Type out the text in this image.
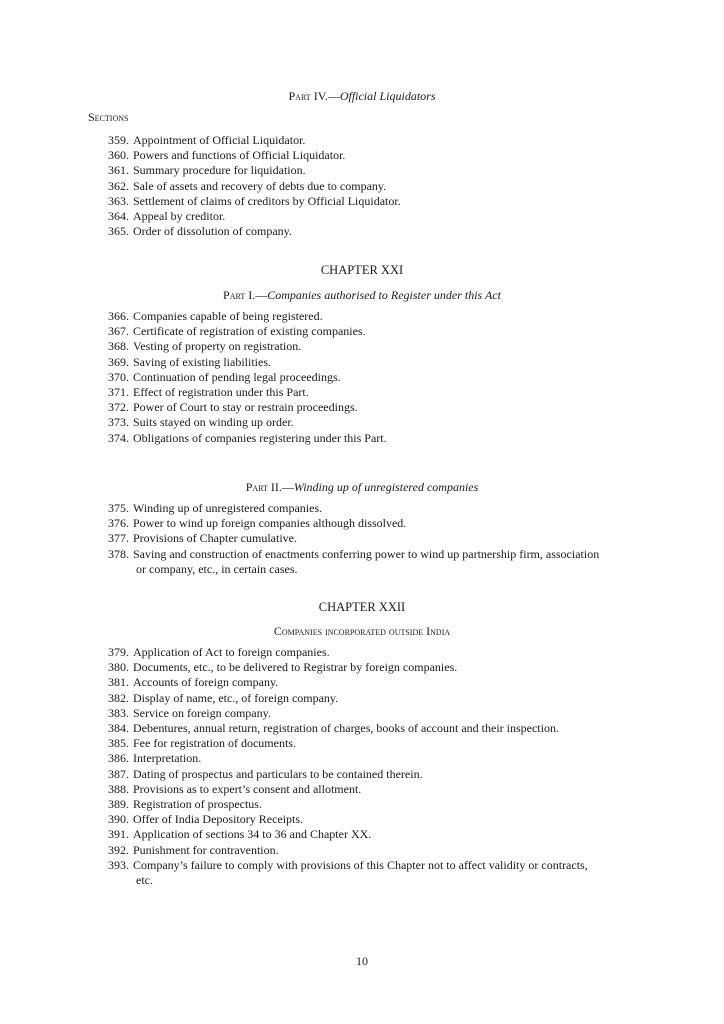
Part IV.—Official Liquidators
Sections
359. Appointment of Official Liquidator.
360. Powers and functions of Official Liquidator.
361. Summary procedure for liquidation.
362. Sale of assets and recovery of debts due to company.
363. Settlement of claims of creditors by Official Liquidator.
364. Appeal by creditor.
365. Order of dissolution of company.
CHAPTER XXI
Part I.—Companies authorised to Register under this Act
366. Companies capable of being registered.
367. Certificate of registration of existing companies.
368. Vesting of property on registration.
369. Saving of existing liabilities.
370. Continuation of pending legal proceedings.
371. Effect of registration under this Part.
372. Power of Court to stay or restrain proceedings.
373. Suits stayed on winding up order.
374. Obligations of companies registering under this Part.
Part II.—Winding up of unregistered companies
375. Winding up of unregistered companies.
376. Power to wind up foreign companies although dissolved.
377. Provisions of Chapter cumulative.
378. Saving and construction of enactments conferring power to wind up partnership firm, association
or company, etc., in certain cases.
CHAPTER XXII
Companies incorporated outside India
379. Application of Act to foreign companies.
380. Documents, etc., to be delivered to Registrar by foreign companies.
381. Accounts of foreign company.
382. Display of name, etc., of foreign company.
383. Service on foreign company.
384. Debentures, annual return, registration of charges, books of account and their inspection.
385. Fee for registration of documents.
386. Interpretation.
387. Dating of prospectus and particulars to be contained therein.
388. Provisions as to expert’s consent and allotment.
389. Registration of prospectus.
390. Offer of India Depository Receipts.
391. Application of sections 34 to 36 and Chapter XX.
392. Punishment for contravention.
393. Company’s failure to comply with provisions of this Chapter not to affect validity or contracts,
etc.
10
